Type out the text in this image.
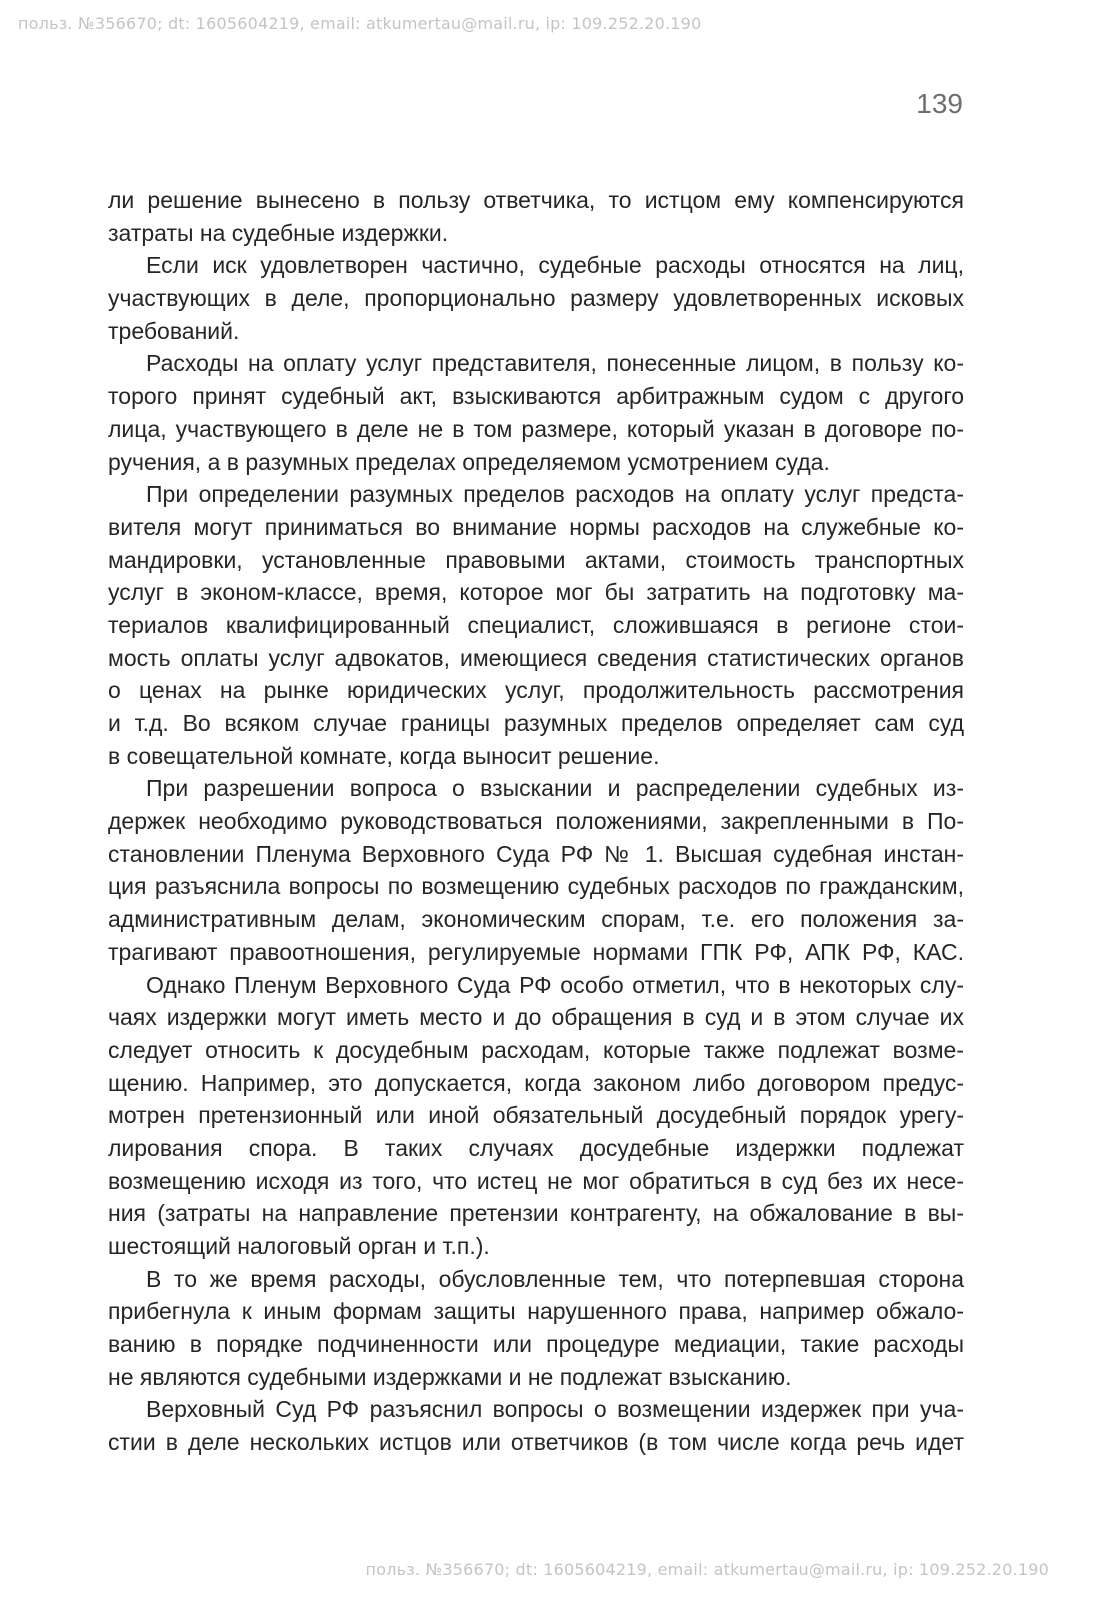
польз. №356670; dt: 1605604219, email: atkumertau@mail.ru, ip: 109.252.20.190
139
ли решение вынесено в пользу ответчика, то истцом ему компенсируются
затраты на судебные издержки.
Если иск удовлетворен частично, судебные расходы относятся на лиц,
участвующих в деле, пропорционально размеру удовлетворенных исковых
требований.
Расходы на оплату услуг представителя, понесенные лицом, в пользу ко-
торого принят судебный акт, взыскиваются арбитражным судом с другого
лица, участвующего в деле не в том размере, который указан в договоре по-
ручения, а в разумных пределах определяемом усмотрением суда.
При определении разумных пределов расходов на оплату услуг предста-
вителя могут приниматься во внимание нормы расходов на служебные ко-
мандировки, установленные правовыми актами, стоимость транспортных
услуг в эконом-классе, время, которое мог бы затратить на подготовку ма-
териалов квалифицированный специалист, сложившаяся в регионе стои-
мость оплаты услуг адвокатов, имеющиеся сведения статистических органов
о ценах на рынке юридических услуг, продолжительность рассмотрения
и т.д. Во всяком случае границы разумных пределов определяет сам суд
в совещательной комнате, когда выносит решение.
При разрешении вопроса о взыскании и распределении судебных из-
держек необходимо руководствоваться положениями, закрепленными в По-
становлении Пленума Верховного Суда РФ № 1. Высшая судебная инстан-
ция разъяснила вопросы по возмещению судебных расходов по гражданским,
административным делам, экономическим спорам, т.е. его положения за-
трагивают правоотношения, регулируемые нормами ГПК РФ, АПК РФ, КАС.
Однако Пленум Верховного Суда РФ особо отметил, что в некоторых слу-
чаях издержки могут иметь место и до обращения в суд и в этом случае их
следует относить к досудебным расходам, которые также подлежат возме-
щению. Например, это допускается, когда законом либо договором предус-
мотрен претензионный или иной обязательный досудебный порядок урегу-
лирования спора. В таких случаях досудебные издержки подлежат
возмещению исходя из того, что истец не мог обратиться в суд без их несе-
ния (затраты на направление претензии контрагенту, на обжалование в вы-
шестоящий налоговый орган и т.п.).
В то же время расходы, обусловленные тем, что потерпевшая сторона
прибегнула к иным формам защиты нарушенного права, например обжало-
ванию в порядке подчиненности или процедуре медиации, такие расходы
не являются судебными издержками и не подлежат взысканию.
Верховный Суд РФ разъяснил вопросы о возмещении издержек при уча-
стии в деле нескольких истцов или ответчиков (в том числе когда речь идет
польз. №356670; dt: 1605604219, email: atkumertau@mail.ru, ip: 109.252.20.190
